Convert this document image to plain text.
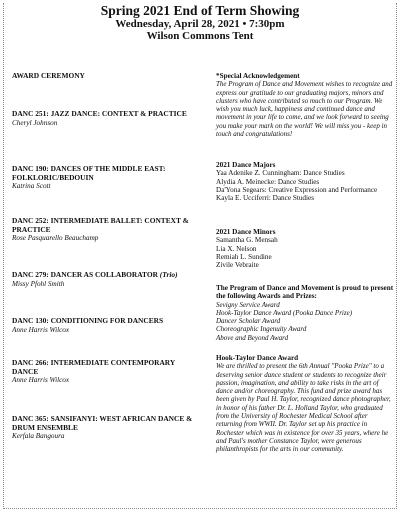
Spring 2021 End of Term Showing
Wednesday, April 28, 2021 • 7:30pm
Wilson Commons Tent
AWARD CEREMONY
DANC 251: JAZZ DANCE: CONTEXT & PRACTICE
Cheryl Johnson
DANC 190: DANCES OF THE MIDDLE EAST: FOLKLORIC/BEDOUIN
Katrina Scott
DANC 252: INTERMEDIATE BALLET: CONTEXT & PRACTICE
Rose Pasquarello Beauchamp
DANC 279: DANCER AS COLLABORATOR (Trio)
Missy Pfohl Smith
DANC 130: CONDITIONING FOR DANCERS
Anne Harris Wilcox
DANC 266: INTERMEDIATE CONTEMPORARY DANCE
Anne Harris Wilcox
DANC 365: SANSIFANYI: WEST AFRICAN DANCE & DRUM ENSEMBLE
Kerfala Bangoura
*Special Acknowledgement
The Program of Dance and Movement wishes to recognize and express our gratitude to our graduating majors, minors and clusters who have contributed so much to our Program. We wish you much luck, happiness and continued dance and movement in your life to come, and we look forward to seeing you make your mark on the world! We will miss you - keep in touch and congratulations!
2021 Dance Majors
Yaa Adenike Z. Cunningham: Dance Studies
Alydia A. Meinecke: Dance Studies
Da'Yona Segears: Creative Expression and Performance
Kayla E. Ucciferri: Dance Studies
2021 Dance Minors
Samantha G. Mensah
Lia X. Nelson
Remiah L. Sundine
Zivile Vebraite
The Program of Dance and Movement is proud to present the following Awards and Prizes:
Sevigny Service Award
Hook-Taylor Dance Award (Pooka Dance Prize)
Dancer Scholar Award
Choreographic Ingenuity Award
Above and Beyond Award
Hook-Taylor Dance Award
We are thrilled to present the 6th Annual "Pooka Prize" to a deserving senior dance student or students to recognize their passion, imagination, and ability to take risks in the art of dance and/or choreography. This fund and prize award has been given by Paul H. Taylor, recognized dance photographer, in honor of his father Dr. L. Holland Taylor, who graduated from the University of Rochester Medical School after returning from WWII. Dr. Taylor set up his practice in Rochester which was in existence for over 35 years, where he and Paul's mother Constance Taylor, were generous philanthropists for the arts in our community.
